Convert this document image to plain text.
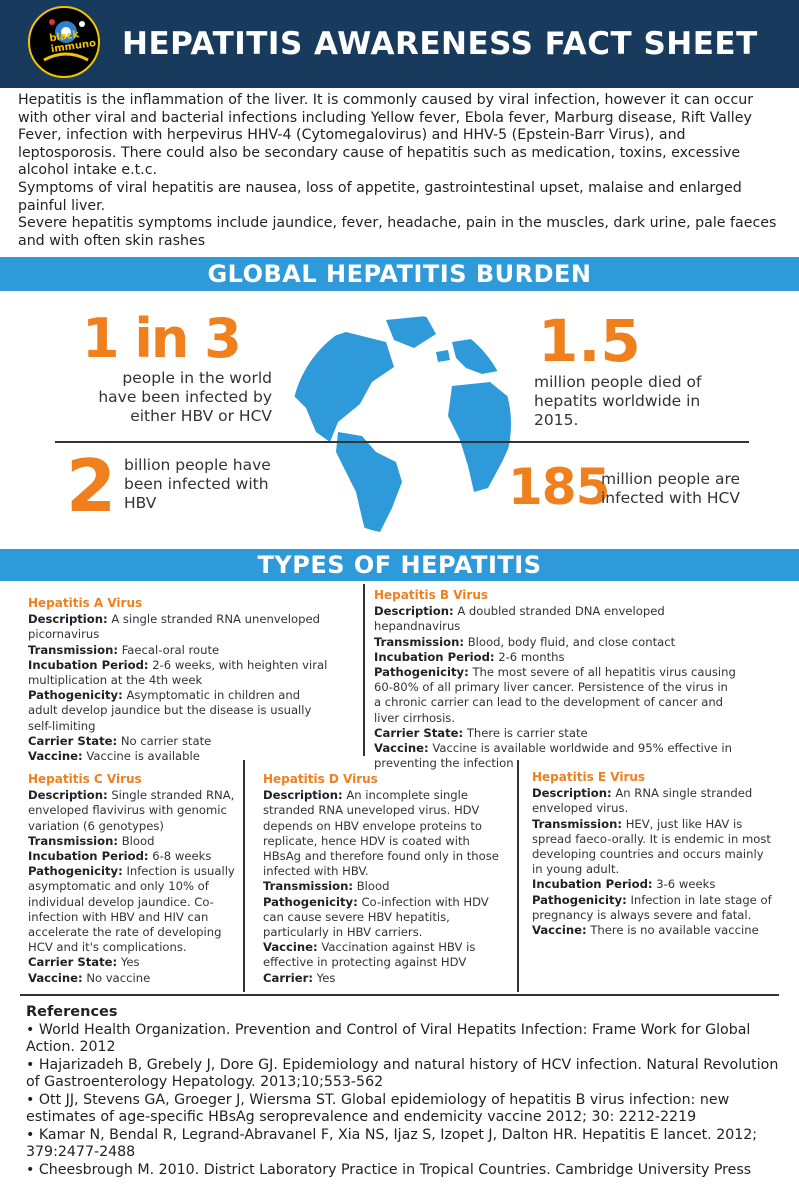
black immuno HEPATITIS AWARENESS FACT SHEET

Hepatitis is the inflammation of the liver. It is commonly caused by viral infection, however it can occur with other viral and bacterial infections including Yellow fever, Ebola fever, Marburg disease, Rift Valley Fever, infection with herpevirus HHV-4 (Cytomegalovirus) and HHV-5 (Epstein-Barr Virus), and leptosporosis. There could also be secondary cause of hepatitis such as medication, toxins, excessive alcohol intake e.t.c.

Symptoms of viral hepatitis are nausea, loss of appetite, gastrointestinal upset, malaise and enlarged painful liver.

Severe hepatitis symptoms include jaundice, fever, headache, pain in the muscles, dark urine, pale faeces and with often skin rashes

GLOBAL HEPATITIS BURDEN
1 in 3
people in the world have been infected by either HBV or HCV
1.5
million people died of hepatits worldwide in 2015.
2 billion people have been infected with HBV	185
million people are infected with HCV
TYPES OF HEPATITIS
Hepatitis A Virus

Description: A single stranded RNA unenveloped picornavirus

Transmission: Faecal-oral route

Incubation Period: 2-6 weeks, with heighten viral multiplication at the 4th week

Pathogenicity: Asymptomatic in children and adult develop jaundice but the disease is usually self-limiting

Carrier State: No carrier state

Vaccine: Vaccine is available

Hepatitis B Virus

Description: A doubled stranded DNA enveloped hepandnavirus

Transmission: Blood, body fluid, and close contact

Incubation Period: 2-6 months

Pathogenicity: The most severe of all hepatitis virus causing 60-80% of all primary liver cancer. Persistence of the virus in a chronic carrier can lead to the development of cancer and liver cirrhosis.

Carrier State: There is carrier state

Vaccine: Vaccine is available worldwide and 95% effective in preventing the infection

Hepatitis C Virus

Description: Single stranded RNA, enveloped flavivirus with genomic variation (6 genotypes)

Transmission: Blood

Incubation Period: 6-8 weeks

Pathogenicity: Infection is usually asymptomatic and only 10% of individual develop jaundice. Co-infection with HBV and HIV can accelerate the rate of developing HCV and it's complications.

Carrier State: Yes

Vaccine: No vaccine

Hepatitis D Virus

Description: An incomplete single stranded RNA uneveloped virus. HDV depends on HBV envelope proteins to replicate, hence HDV is coated with HBsAg and therefore found only in those infected with HBV.

Transmission: Blood

Pathogenicity: Co-infection with HDV can cause severe HBV hepatitis, particularly in HBV carriers.

Vaccine: Vaccination against HBV is effective in protecting against HDV

Carrier: Yes

Hepatitis E Virus

Description: An RNA single stranded enveloped virus.

Transmission: HEV, just like HAV is spread faeco-orally. It is endemic in most developing countries and occurs mainly in young adult.

Incubation Period: 3-6 weeks

Pathogenicity: Infection in late stage of pregnancy is always severe and fatal.

Vaccine: There is no available vaccine

References

• World Health Organization. Prevention and Control of Viral Hepatits Infection: Frame Work for Global Action. 2012

• Hajarizadeh B, Grebely J, Dore GJ. Epidemiology and natural history of HCV infection. Natural Revolution of Gastroenterology Hepatology. 2013;10;553-562

• Ott JJ, Stevens GA, Groeger J, Wiersma ST. Global epidemiology of hepatitis B virus infection: new estimates of age-specific HBsAg seroprevalence and endemicity vaccine 2012; 30: 2212-2219

• Kamar N, Bendal R, Legrand-Abravanel F, Xia NS, Ijaz S, Izopet J, Dalton HR. Hepatitis E lancet. 2012; 379:2477-2488

• Cheesbrough M. 2010. District Laboratory Practice in Tropical Countries. Cambridge University Press
